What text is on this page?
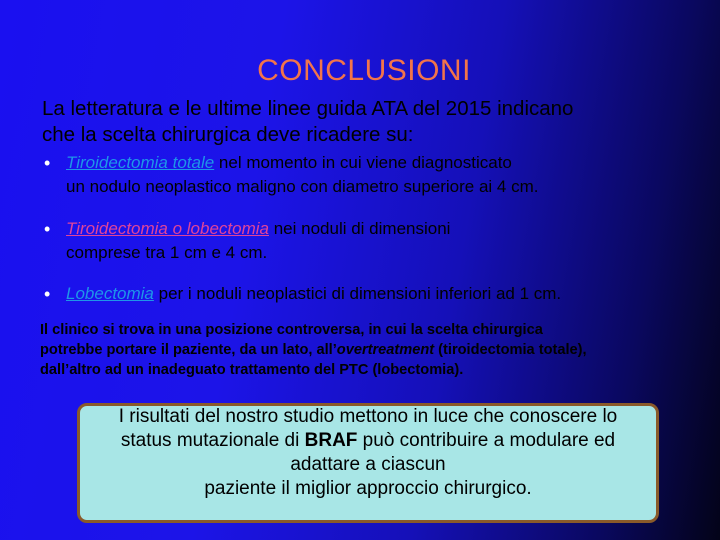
CONCLUSIONI
La letteratura e le ultime linee guida ATA del 2015 indicano
che la scelta chirurgica deve ricadere su:
• Tiroidectomia totale nel momento in cui viene diagnosticato
un nodulo neoplastico maligno con diametro superiore ai 4 cm.
• Tiroidectomia o lobectomia nei noduli di dimensioni
comprese tra 1 cm e 4 cm.
• Lobectomia per i noduli neoplastici di dimensioni inferiori ad 1 cm.
Il clinico si trova in una posizione controversa, in cui la scelta chirurgica
potrebbe portare il paziente, da un lato, all’overtreatment (tiroidectomia totale),
dall’altro ad un inadeguato trattamento del PTC (lobectomia).
I risultati del nostro studio mettono in luce che conoscere lo
status mutazionale di BRAF può contribuire a modulare ed
adattare a ciascun
paziente il miglior approccio chirurgico.
